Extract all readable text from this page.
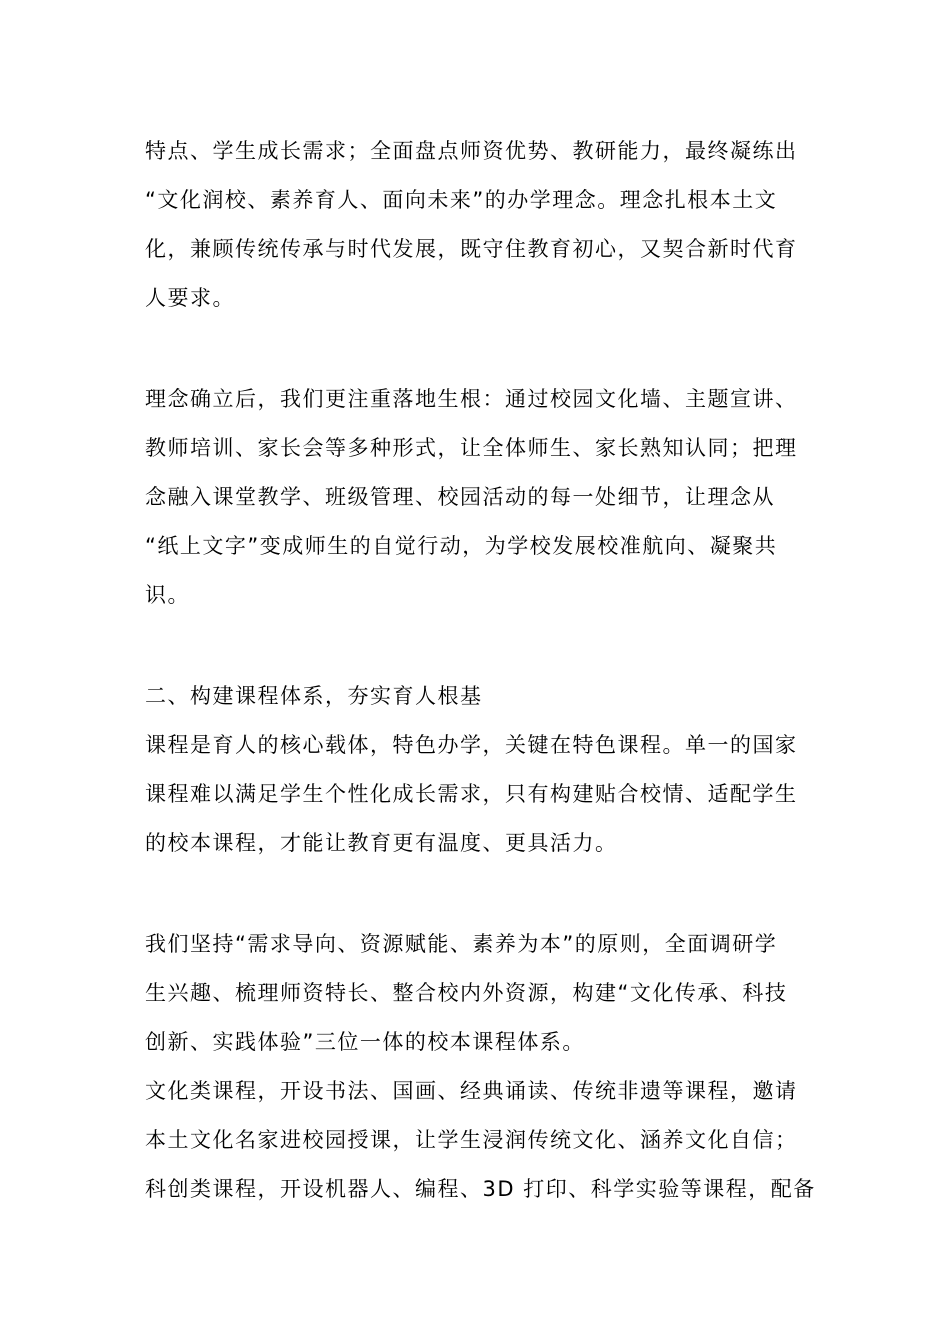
特点、学生成长需求；全面盘点师资优势、教研能力，最终凝练出
“文化润校、素养育人、面向未来”的办学理念。理念扎根本土文
化，兼顾传统传承与时代发展，既守住教育初心，又契合新时代育
人要求。

理念确立后，我们更注重落地生根：通过校园文化墙、主题宣讲、
教师培训、家长会等多种形式，让全体师生、家长熟知认同；把理
念融入课堂教学、班级管理、校园活动的每一处细节，让理念从
“纸上文字”变成师生的自觉行动，为学校发展校准航向、凝聚共
识。

二、构建课程体系，夯实育人根基
课程是育人的核心载体，特色办学，关键在特色课程。单一的国家
课程难以满足学生个性化成长需求，只有构建贴合校情、适配学生
的校本课程，才能让教育更有温度、更具活力。

我们坚持“需求导向、资源赋能、素养为本”的原则，全面调研学
生兴趣、梳理师资特长、整合校内外资源，构建“文化传承、科技
创新、实践体验”三位一体的校本课程体系。
文化类课程，开设书法、国画、经典诵读、传统非遗等课程，邀请
本土文化名家进校园授课，让学生浸润传统文化、涵养文化自信；
科创类课程，开设机器人、编程、3D 打印、科学实验等课程，配备
